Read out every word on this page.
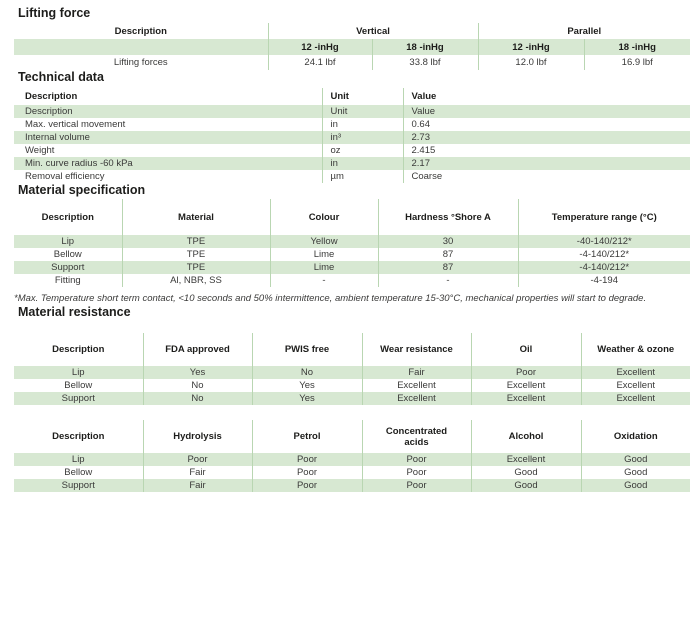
Lifting force
Description	Vertical		Parallel	
	12 -inHg	18 -inHg	12 -inHg	18 -inHg
Lifting forces	24.1 lbf	33.8 lbf	12.0 lbf	16.9 lbf
Technical data
Description	Unit	Value
Description	Unit	Value
Max. vertical movement	in	0.64
Internal volume	in³	2.73
Weight	oz	2.415
Min. curve radius -60 kPa	in	2.17
Removal efficiency	µm	Coarse
Material specification
Description	Material	Colour	Hardness °Shore A	Temperature range (°C)
Lip	TPE	Yellow	30	-40-140/212*
Bellow	TPE	Lime	87	-4-140/212*
Support	TPE	Lime	87	-4-140/212*
Fitting	Al, NBR, SS	-	-	-4-194

*Max. Temperature short term contact, <10 seconds and 50% intermittence, ambient temperature 15-30°C, mechanical properties will start to degrade.

Material resistance
Description	FDA approved	PWIS free	Wear resistance	Oil	Weather & ozone
Lip	Yes	No	Fair	Poor	Excellent
Bellow	No	Yes	Excellent	Excellent	Excellent
Support	No	Yes	Excellent	Excellent	Excellent
Description	Hydrolysis	Petrol	Concentrated acids	Alcohol	Oxidation
Lip	Poor	Poor	Poor	Excellent	Good
Bellow	Fair	Poor	Poor	Good	Good
Support	Fair	Poor	Poor	Good	Good
